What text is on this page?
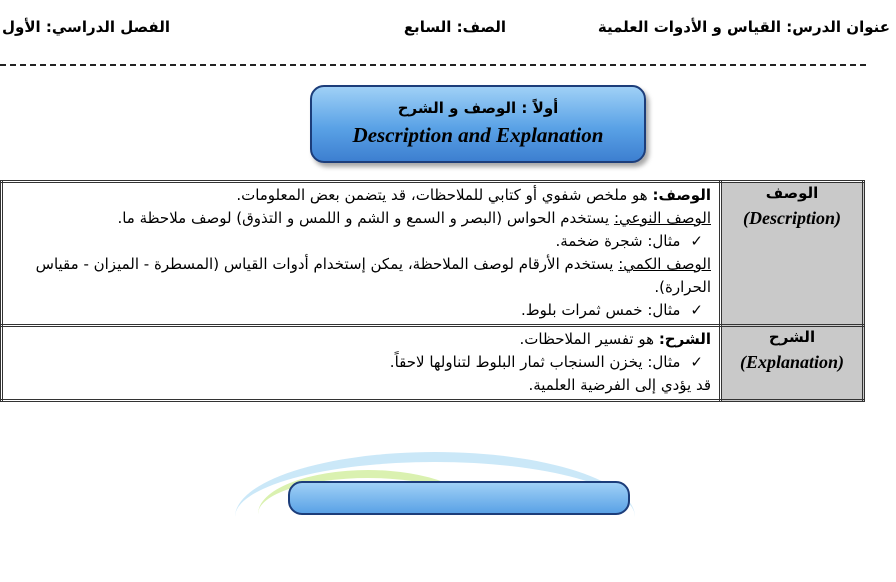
عنوان الدرس: القياس و الأدوات العلمية
الصف: السابع
الفصل الدراسي: الأول
أولاً : الوصف و الشرح
Description and Explanation
الوصف: هو ملخص شفوي أو كتابي للملاحظات، قد يتضمن بعض المعلومات.
الوصف النوعي: يستخدم الحواس (البصر و السمع و الشم و اللمس و التذوق) لوصف ملاحظة ما.
✓مثال: شجرة ضخمة.
الوصف الكمي: يستخدم الأرقام لوصف الملاحظة، يمكن إستخدام أدوات القياس (المسطرة - الميزان - مقياس الحرارة).
✓مثال: خمس ثمرات بلوط.	الوصف
(Description)

الشرح: هو تفسير الملاحظات.
✓مثال: يخزن السنجاب ثمار البلوط لتناولها لاحقاً.
قد يؤدي إلى الفرضية العلمية.	الشرح
(Explanation)
